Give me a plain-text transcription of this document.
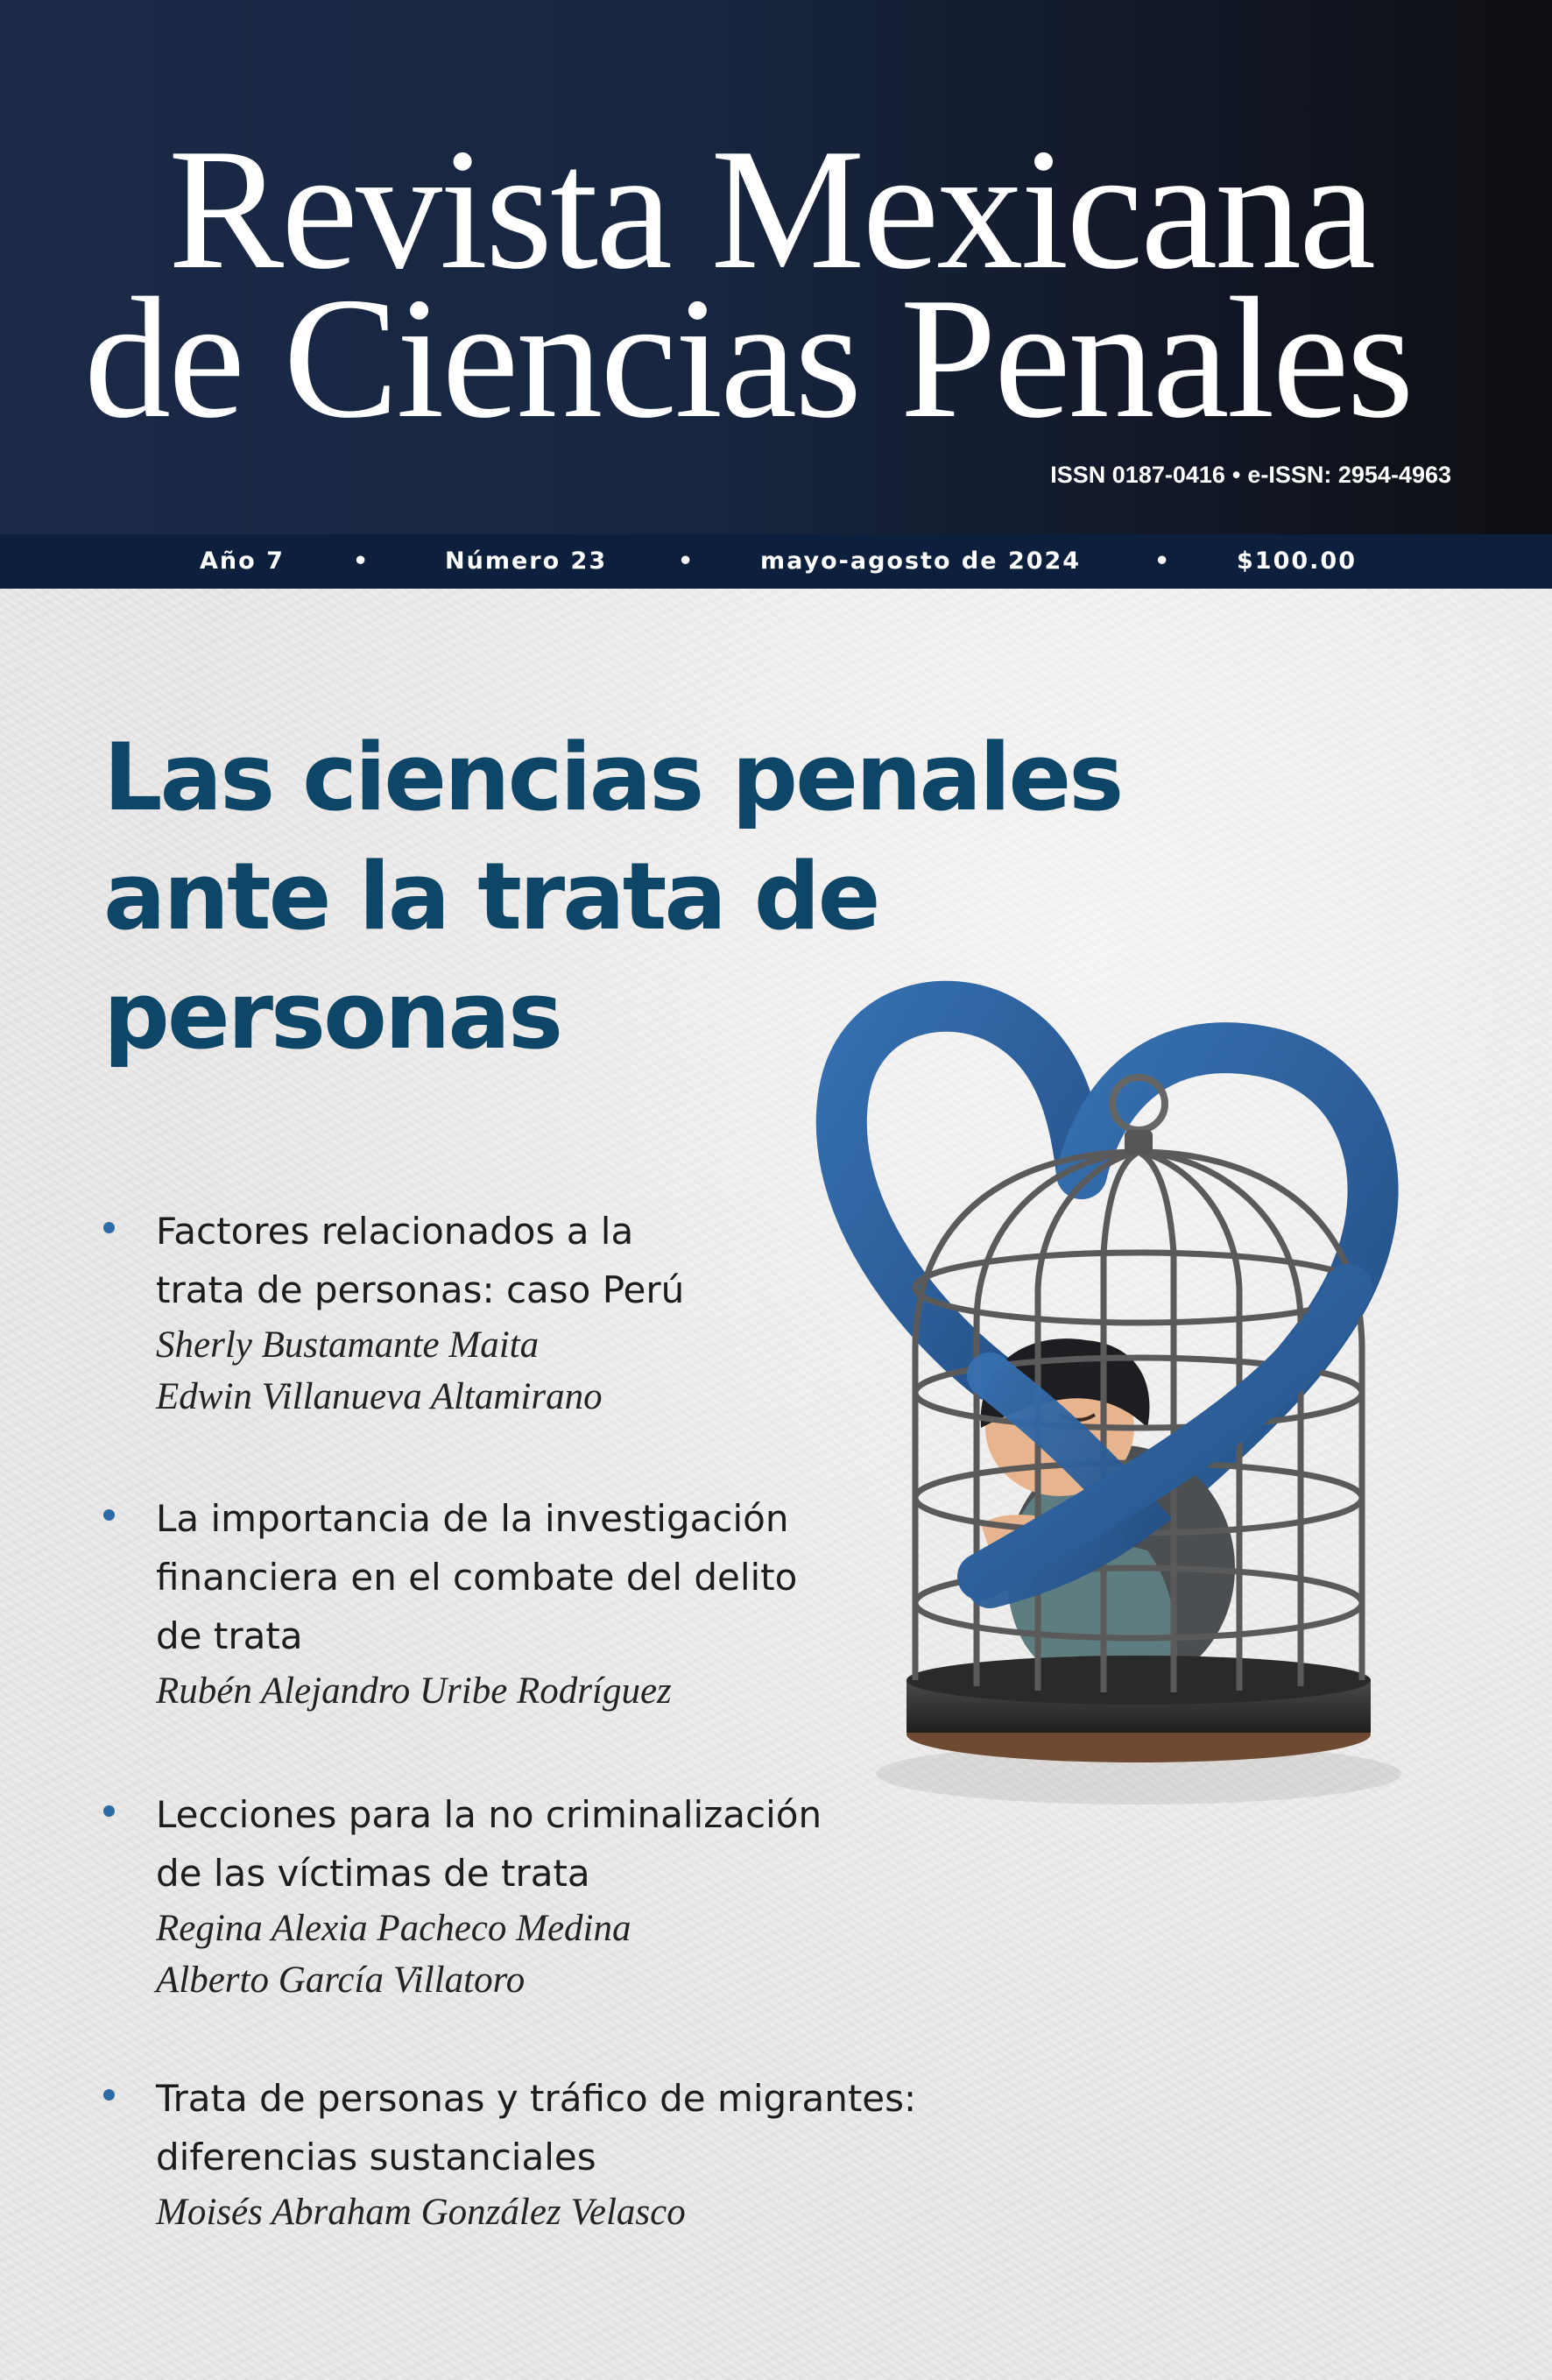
Revista Mexicana
de Ciencias Penales
ISSN 0187-0416 • e-ISSN: 2954-4963
Año 7	•	Número 23	•	mayo-agosto de 2024	•	$100.00
Las ciencias penales ante la trata de personas

Factores relacionados a la
trata de personas: caso Perú

Sherly Bustamante Maita
Edwin Villanueva Altamirano

La importancia de la investigación
financiera en el combate del delito
de trata

Rubén Alejandro Uribe Rodríguez

Lecciones para la no criminalización
de las víctimas de trata

Regina Alexia Pacheco Medina
Alberto García Villatoro

Trata de personas y tráfico de migrantes:
diferencias sustanciales

Moisés Abraham González Velasco
